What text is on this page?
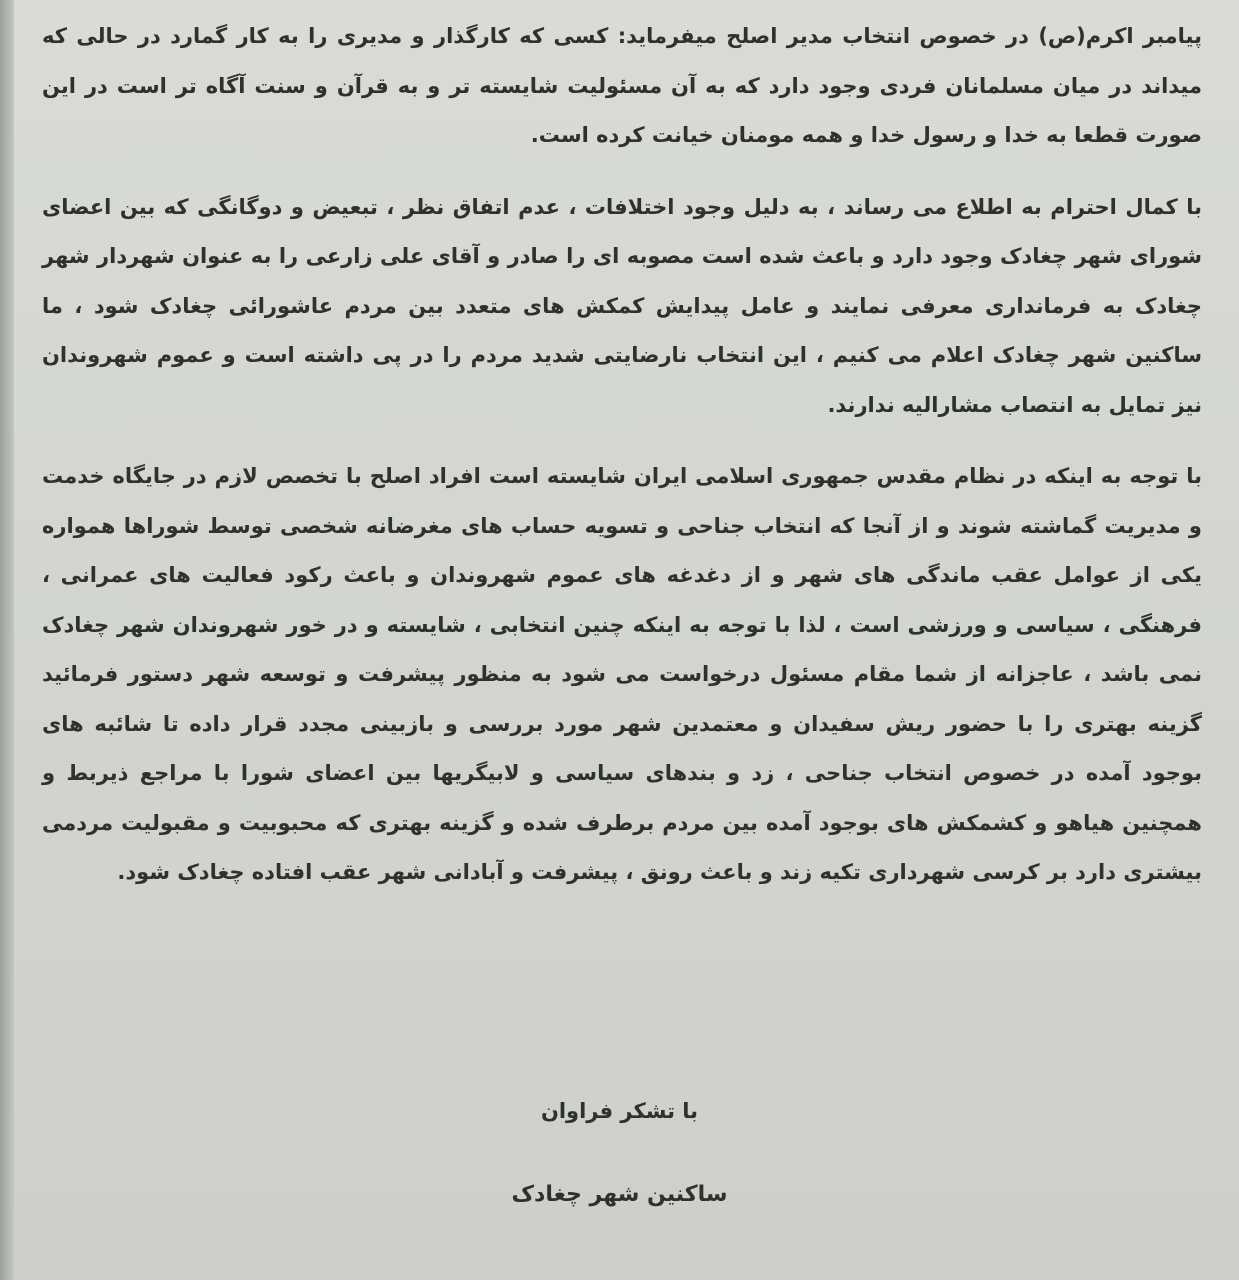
پیامبر اکرم(ص) در خصوص انتخاب مدیر اصلح میفرماید: کسی که کارگذار و مدیری را به کار گمارد در حالی که میداند در میان مسلمانان فردی وجود دارد که به آن مسئولیت شایسته تر و به قرآن و سنت آگاه تر است در این صورت قطعا به خدا و رسول خدا و همه مومنان خیانت کرده است.

با کمال احترام به اطلاع می رساند ، به دلیل وجود اختلافات ، عدم اتفاق نظر ، تبعیض و دوگانگی که بین اعضای شورای شهر چغادک وجود دارد و باعث شده است مصوبه ای را صادر و آقای علی زارعی را به عنوان شهردار شهر چغادک به فرمانداری معرفی نمایند و عامل پیدایش کمکش های متعدد بین مردم عاشورائی چغادک شود ، ما ساکنین شهر چغادک اعلام می کنیم ، این انتخاب نارضایتی شدید مردم را در پی داشته است و عموم شهروندان نیز تمایل به انتصاب مشارالیه ندارند.

با توجه به اینکه در نظام مقدس جمهوری اسلامی ایران شایسته است افراد اصلح با تخصص لازم در جایگاه خدمت و مدیریت گماشته شوند و از آنجا که انتخاب جناحی و تسویه حساب های مغرضانه شخصی توسط شوراها همواره یکی از عوامل عقب ماندگی های شهر و از دغدغه های عموم شهروندان و باعث رکود فعالیت های عمرانی ، فرهنگی ، سیاسی و ورزشی است ، لذا با توجه به اینکه چنین انتخابی ، شایسته و در خور شهروندان شهر چغادک نمی باشد ، عاجزانه از شما مقام مسئول درخواست می شود به منظور پیشرفت و توسعه شهر دستور فرمائید گزینه بهتری را با حضور ریش سفیدان و معتمدین شهر مورد بررسی و بازبینی مجدد قرار داده تا شائبه های بوجود آمده در خصوص انتخاب جناحی ، زد و بندهای سیاسی و لابیگریها بین اعضای شورا با مراجع ذیربط و همچنین هیاهو و کشمکش های بوجود آمده بین مردم برطرف شده و گزینه بهتری که محبوبیت و مقبولیت مردمی بیشتری دارد بر کرسی شهرداری تکیه زند و باعث رونق ، پیشرفت و آبادانی شهر عقب افتاده چغادک شود.

با تشکر فراوان
ساکنین شهر چغادک
